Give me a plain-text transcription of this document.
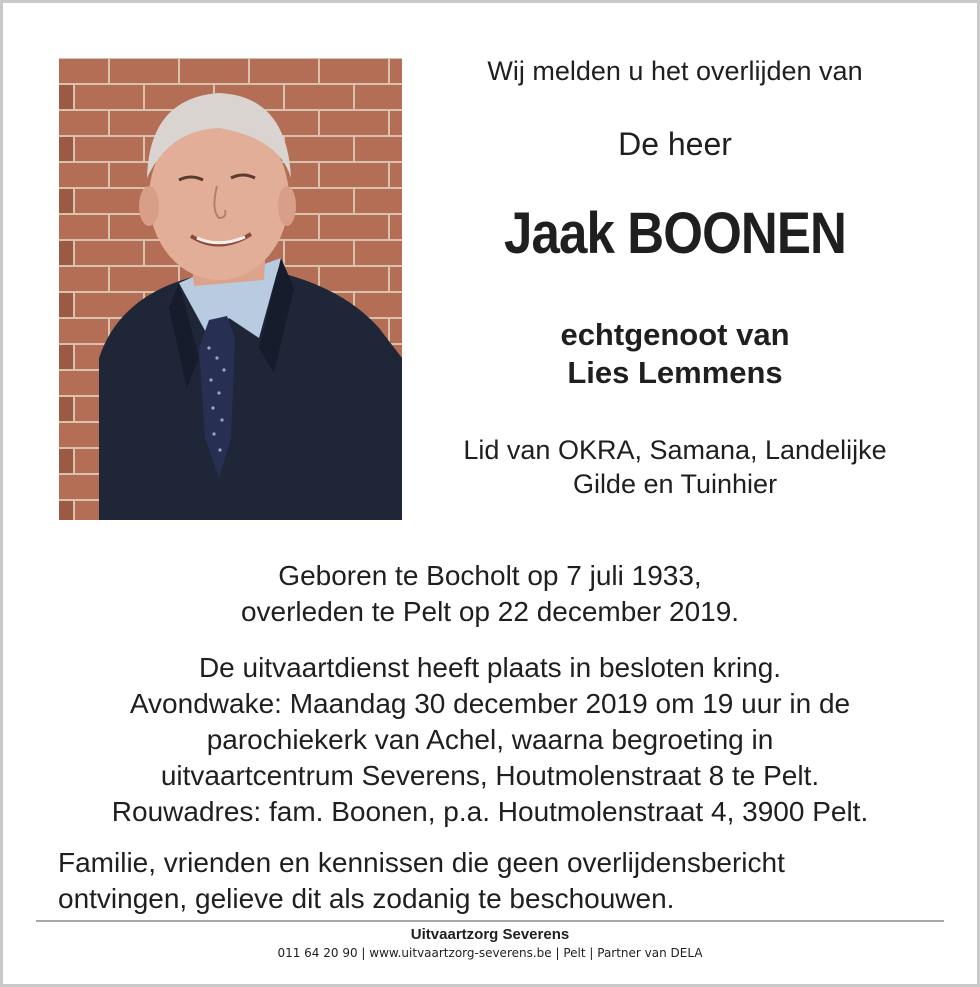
Wij melden u het overlijden van
De heer
Jaak BOONEN
echtgenoot van
Lies Lemmens
Lid van OKRA, Samana, Landelijke
Gilde en Tuinhier
Geboren te Bocholt op 7 juli 1933,
overleden te Pelt op 22 december 2019.
De uitvaartdienst heeft plaats in besloten kring.
Avondwake: Maandag 30 december 2019 om 19 uur in de
parochiekerk van Achel, waarna begroeting in
uitvaartcentrum Severens, Houtmolenstraat 8 te Pelt.
Rouwadres: fam. Boonen, p.a. Houtmolenstraat 4, 3900 Pelt.
Familie, vrienden en kennissen die geen overlijdensbericht
ontvingen, gelieve dit als zodanig te beschouwen.
Uitvaartzorg Severens
011 64 20 90 | www.uitvaartzorg-severens.be | Pelt | Partner van DELA
